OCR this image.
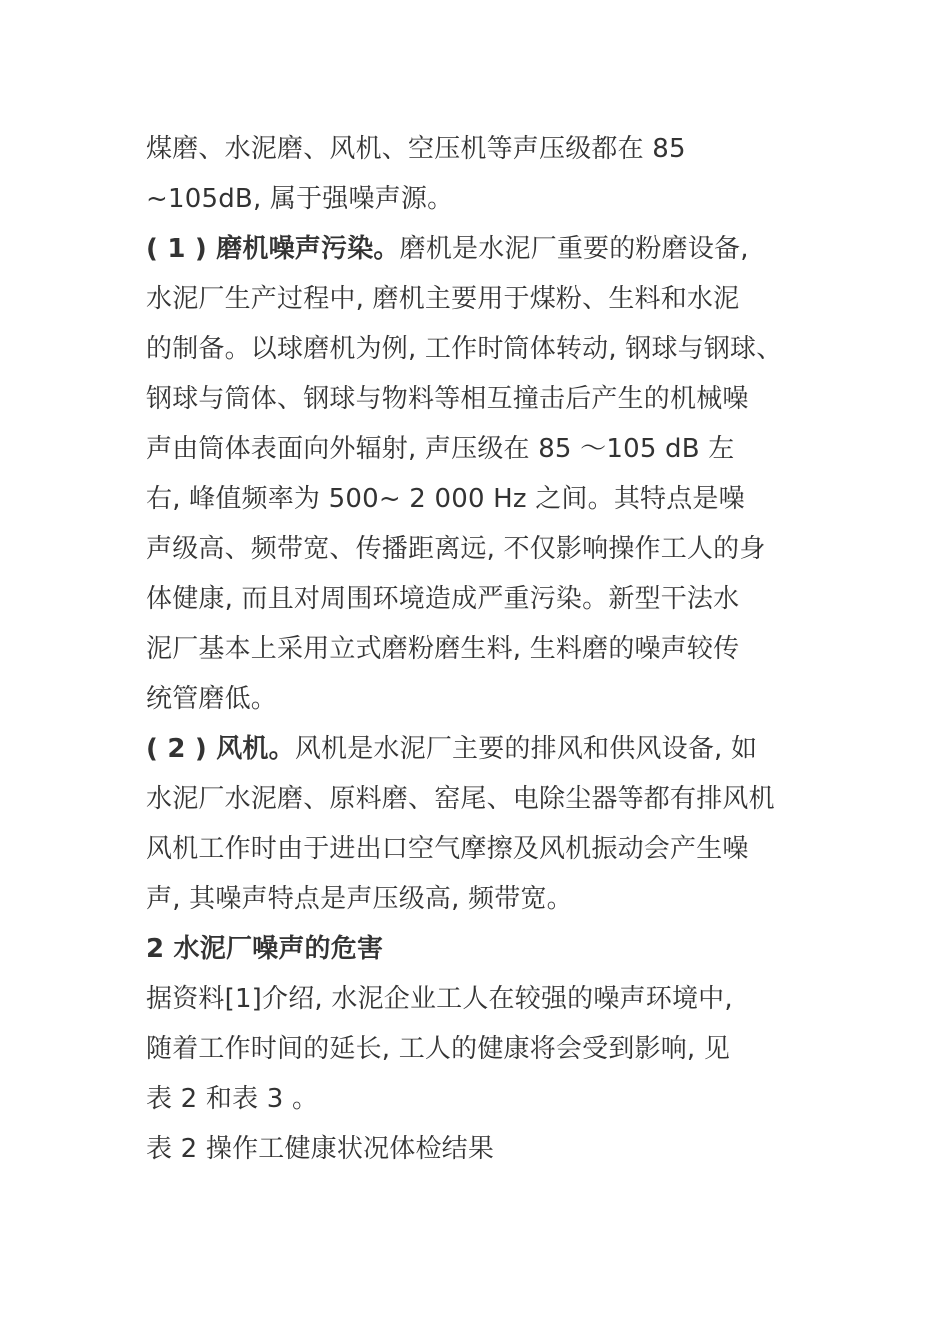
煤磨、水泥磨、风机、空压机等声压级都在 85
~105dB, 属于强噪声源。
( 1 ) 磨机噪声污染。磨机是水泥厂重要的粉磨设备,
水泥厂生产过程中, 磨机主要用于煤粉、生料和水泥
的制备。以球磨机为例, 工作时筒体转动, 钢球与钢球、
钢球与筒体、钢球与物料等相互撞击后产生的机械噪
声由筒体表面向外辐射, 声压级在 85 ～105 dB 左
右, 峰值频率为 500~ 2 000 Hz 之间。其特点是噪
声级高、频带宽、传播距离远, 不仅影响操作工人的身
体健康, 而且对周围环境造成严重污染。新型干法水
泥厂基本上采用立式磨粉磨生料, 生料磨的噪声较传
统管磨低。
( 2 ) 风机。风机是水泥厂主要的排风和供风设备, 如
水泥厂水泥磨、原料磨、窑尾、电除尘器等都有排风机
风机工作时由于进出口空气摩擦及风机振动会产生噪
声, 其噪声特点是声压级高, 频带宽。
2 水泥厂噪声的危害
据资料[1]介绍, 水泥企业工人在较强的噪声环境中,
随着工作时间的延长, 工人的健康将会受到影响, 见
表 2 和表 3 。
表 2 操作工健康状况体检结果
